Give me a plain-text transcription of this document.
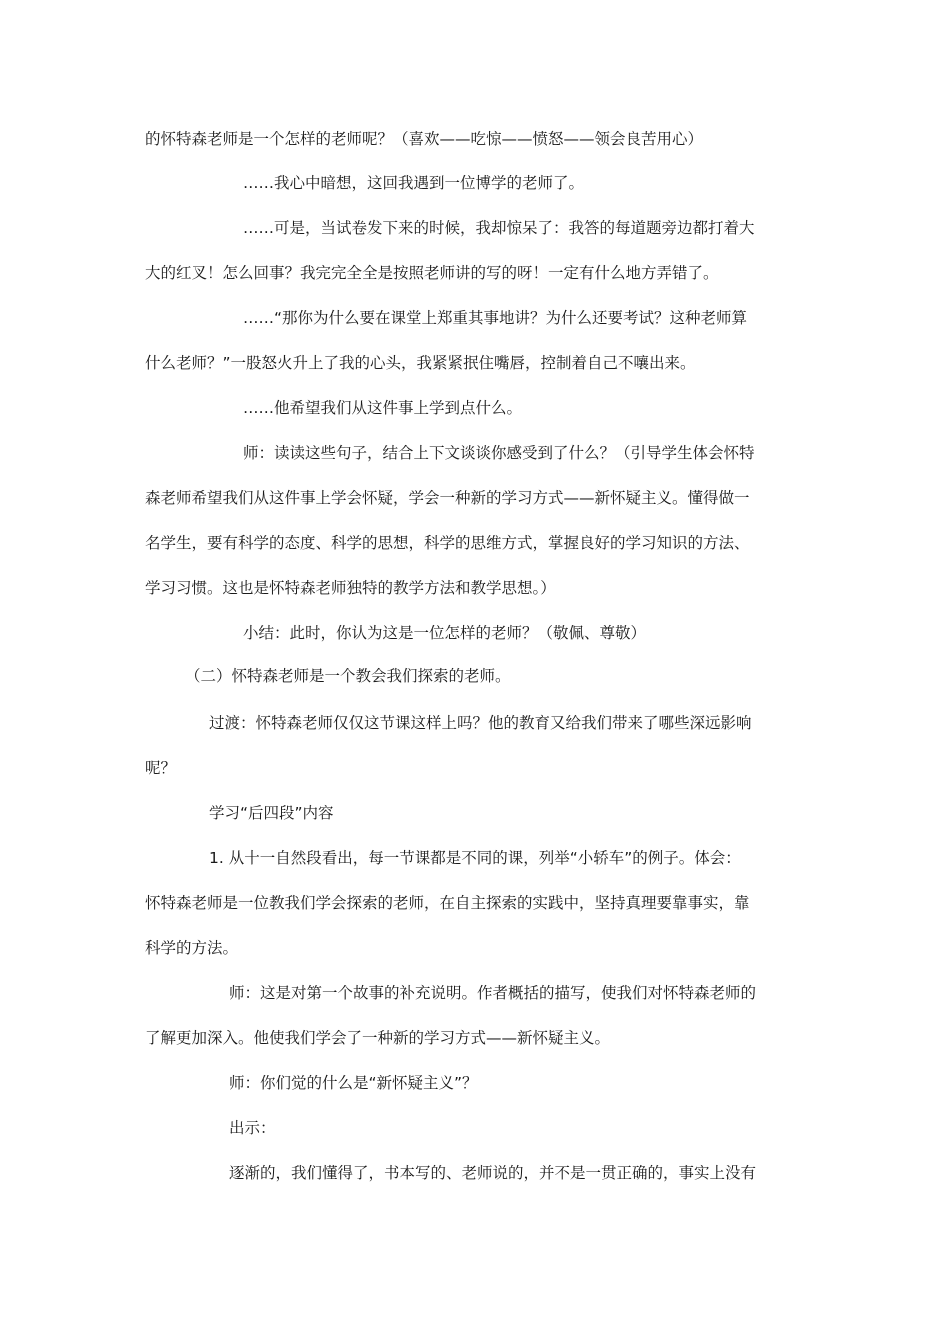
的怀特森老师是一个怎样的老师呢？（喜欢——吃惊——愤怒——领会良苦用心）
……我心中暗想，这回我遇到一位博学的老师了。
……可是，当试卷发下来的时候，我却惊呆了：我答的每道题旁边都打着大
大的红叉！怎么回事？我完完全全是按照老师讲的写的呀！一定有什么地方弄错了。
……“那你为什么要在课堂上郑重其事地讲？为什么还要考试？这种老师算
什么老师？”一股怒火升上了我的心头，我紧紧抿住嘴唇，控制着自己不嚷出来。
……他希望我们从这件事上学到点什么。
师：读读这些句子，结合上下文谈谈你感受到了什么？（引导学生体会怀特
森老师希望我们从这件事上学会怀疑，学会一种新的学习方式——新怀疑主义。懂得做一
名学生，要有科学的态度、科学的思想，科学的思维方式，掌握良好的学习知识的方法、
学习习惯。这也是怀特森老师独特的教学方法和教学思想。）
小结：此时，你认为这是一位怎样的老师？（敬佩、尊敬）
（二）怀特森老师是一个教会我们探索的老师。
过渡：怀特森老师仅仅这节课这样上吗？他的教育又给我们带来了哪些深远影响
呢？
学习“后四段”内容
1. 从十一自然段看出，每一节课都是不同的课，列举“小轿车”的例子。体会：
怀特森老师是一位教我们学会探索的老师，在自主探索的实践中，坚持真理要靠事实，靠
科学的方法。
师：这是对第一个故事的补充说明。作者概括的描写，使我们对怀特森老师的
了解更加深入。他使我们学会了一种新的学习方式——新怀疑主义。
师：你们觉的什么是“新怀疑主义”？
出示：
逐渐的，我们懂得了，书本写的、老师说的，并不是一贯正确的，事实上没有
